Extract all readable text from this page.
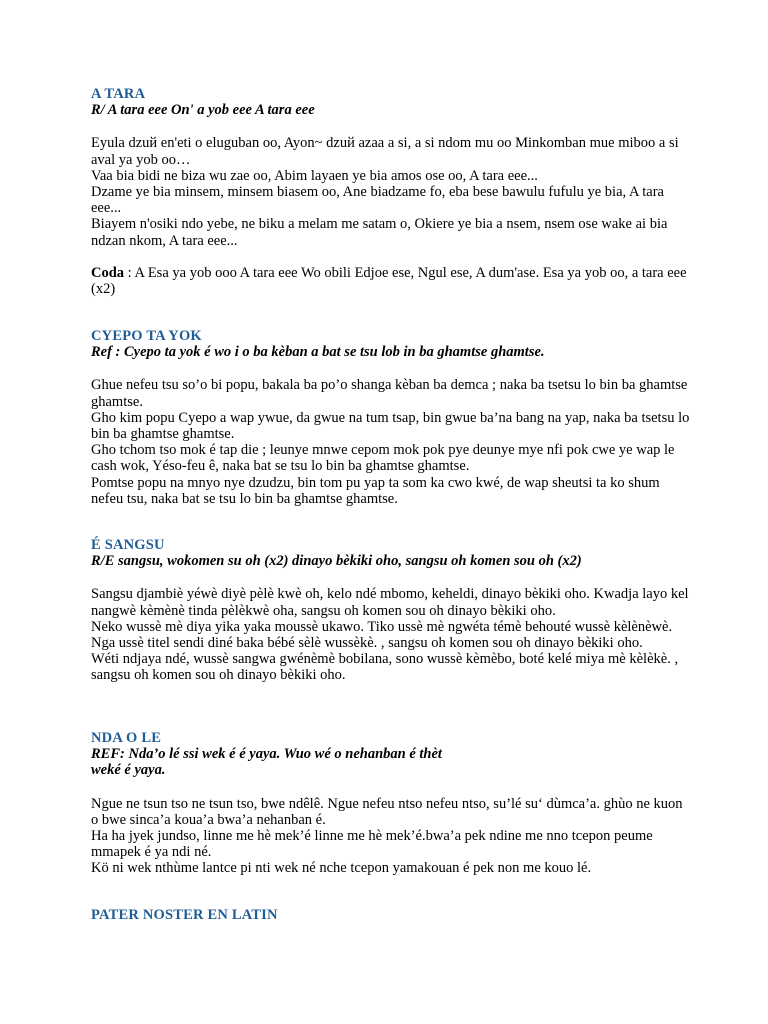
A TARA
R/ A tara eee On' a yob eee A tara eee
Eyula dzuй en'eti o eluguban oo, Ayon~ dzuй azaa a si, a si ndom mu oo Minkomban mue miboo a si aval ya yob oo…
Vaa bia bidi ne biza wu zae oo, Abim layaen ye bia amos ose oo, A tara eee...
Dzame ye bia minsem, minsem biasem oo, Ane biadzame fo, eba bese bawulu fufulu ye bia, A tara eee...
Biayem n'osiki ndo yebe, ne biku a melam me satam o, Okiere ye bia a nsem, nsem ose wake ai bia ndzan nkom, A tara eee...
Coda : A Esa ya yob ooo A tara eee Wo obili Edjoe ese, Ngul ese, A dum'ase. Esa ya yob oo, a tara eee (x2)
CYEPO TA YOK
Ref : Cyepo ta yok é wo i o ba kèban a bat se tsu lob in ba ghamtse ghamtse.
Ghue nefeu tsu so’o bi popu, bakala ba po’o shanga kèban ba demca ; naka ba tsetsu lo bin ba ghamtse ghamtse.
Gho kim popu Cyepo a wap ywue, da gwue na tum tsap, bin gwue ba’na bang na yap, naka ba tsetsu lo bin ba ghamtse ghamtse.
Gho tchom tso mok é tap die ; leunye mnwe cepom mok pok pye deunye mye nfi pok cwe ye wap le cash wok, Yéso-feu ê, naka bat se tsu lo bin ba ghamtse ghamtse.
Pomtse popu na mnyo nye dzudzu, bin tom pu yap ta som ka cwo kwé, de wap sheutsi ta ko shum nefeu tsu, naka bat se tsu lo bin ba ghamtse ghamtse.
É SANGSU
R/E sangsu, wokomen su oh (x2) dinayo bèkiki oho, sangsu oh komen sou oh (x2)
Sangsu djambiè yéwè diyè pèlè kwè oh, kelo ndé mbomo, keheldi, dinayo bèkiki oho. Kwadja layo kel nangwè kèmènè tinda pèlèkwè oha, sangsu oh komen sou oh dinayo bèkiki oho.
Neko wussè mè diya yika yaka moussè ukawo. Tiko ussè mè ngwéta témè behouté wussè kèlènèwè. Nga ussè titel sendi diné baka bébé sèlè wussèkè. , sangsu oh komen sou oh dinayo bèkiki oho.
Wéti ndjaya ndé, wussè sangwa gwénèmè bobilana, sono wussè kèmèbo, boté kelé miya mè kèlèkè. , sangsu oh komen sou oh dinayo bèkiki oho.
NDA O LE
REF: Nda’o lé ssi wek é é yaya. Wuo wé o nehanban é thèt
weké é yaya.
Ngue ne tsun tso ne tsun tso, bwe ndêlê. Ngue nefeu ntso nefeu ntso, su’lé su‘ dùmca’a. ghùo ne kuon o bwe sinca’a koua’a bwa’a nehanban é.
Ha ha jyek jundso, linne me hè mek’é linne me hè mek’é.bwa’a pek ndine me nno tcepon peume mmapek é ya ndi né.
Kö ni wek nthùme lantce pi nti wek né nche tcepon yamakouan é pek non me kouo lé.
PATER NOSTER EN LATIN
